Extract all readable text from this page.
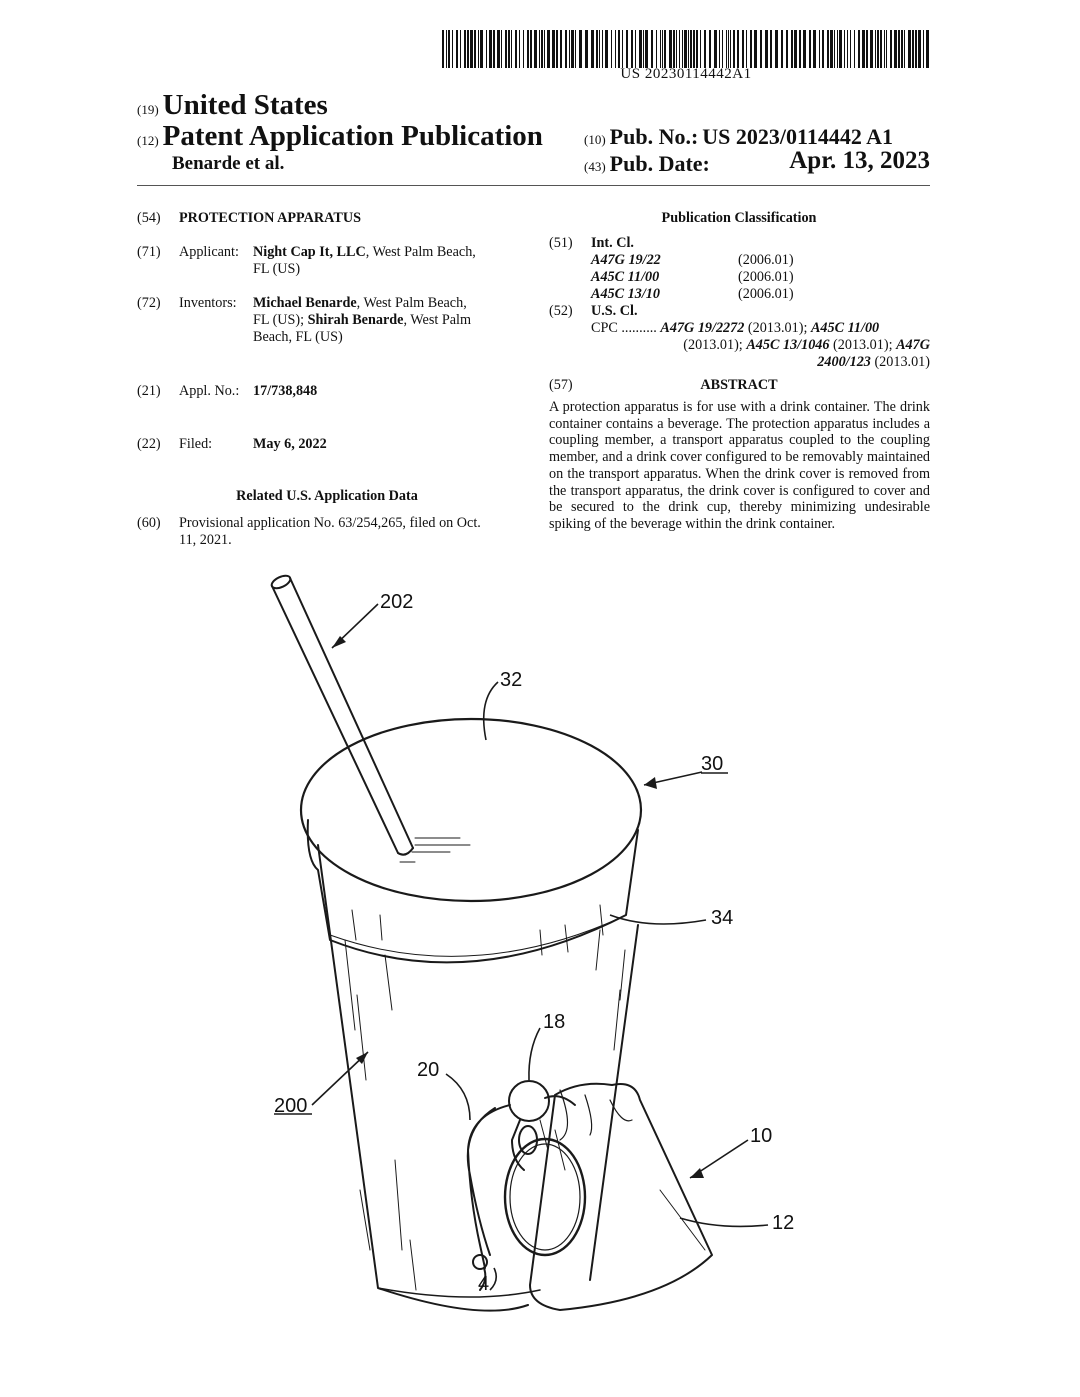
US 20230114442A1
(19) United States
(12) Patent Application Publication
Benarde et al.
(10) Pub. No.: US 2023/0114442 A1
(43) Pub. Date:	Apr. 13, 2023
(54) PROTECTION APPARATUS
(71) Applicant: Night Cap It, LLC, West Palm Beach,
FL (US)
(72) Inventors: Michael Benarde, West Palm Beach,
FL (US); Shirah Benarde, West Palm
Beach, FL (US)
(21) Appl. No.: 17/738,848
(22) Filed:	May 6, 2022
Related U.S. Application Data
(60) Provisional application No. 63/254,265, filed on Oct.
11, 2021.
Publication Classification
(51) Int. Cl.
A47G 19/22	(2006.01)
A45C 11/00	(2006.01)
A45C 13/10	(2006.01)
(52) U.S. Cl.
CPC .......... A47G 19/2272 (2013.01); A45C 11/00
(2013.01); A45C 13/1046 (2013.01); A47G
2400/123 (2013.01)
(57)	ABSTRACT
A protection apparatus is for use with a drink container. The drink container contains a beverage. The protection apparatus includes a coupling member, a transport apparatus coupled to the coupling member, and a drink cover configured to be removably maintained on the transport apparatus. When the drink cover is removed from the transport apparatus, the drink cover is configured to cover and be secured to the drink cup, thereby minimizing undesirable spiking of the beverage within the drink container.
202
32
30
34
18
20
200
10
12
4
